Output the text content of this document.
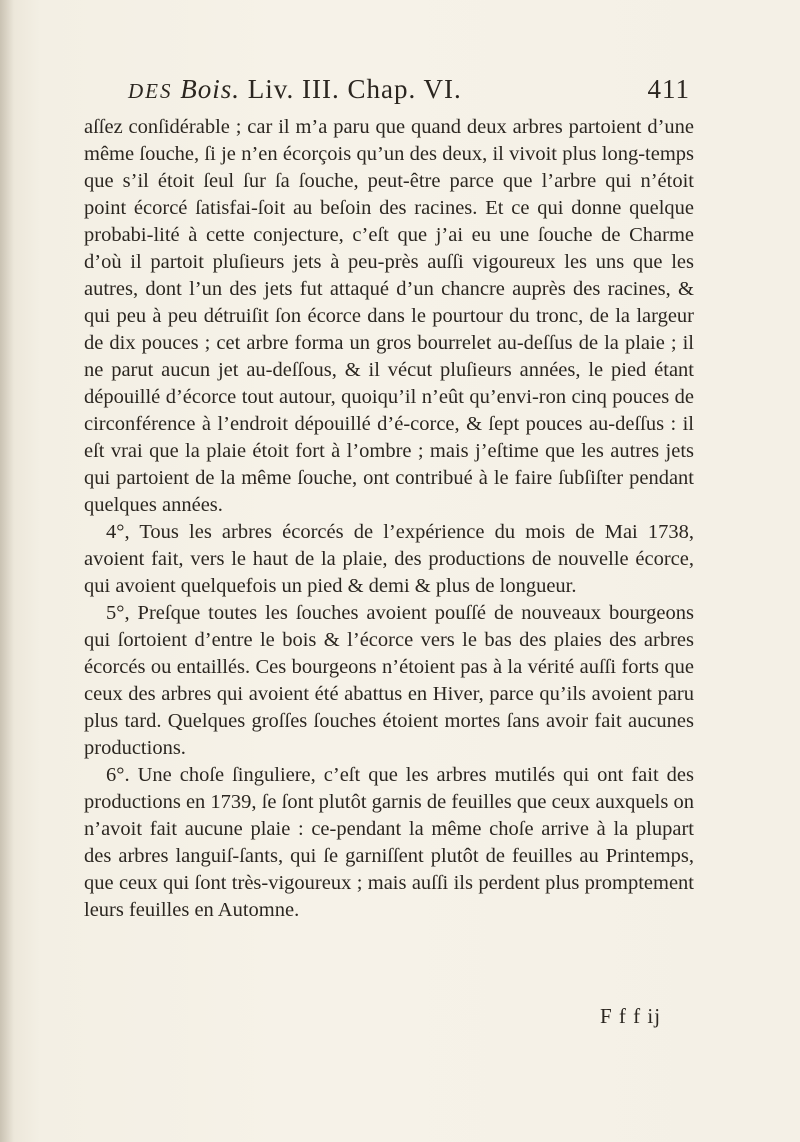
DES Bois. Liv. III. Chap. VI.	411

aſſez conſidérable ; car il m’a paru que quand deux arbres partoient d’une même ſouche, ſi je n’en écorçois qu’un des deux, il vivoit plus long-temps que s’il étoit ſeul ſur ſa ſouche, peut-être parce que l’arbre qui n’étoit point écorcé ſatisfai-ſoit au beſoin des racines. Et ce qui donne quelque probabi-lité à cette conjecture, c’eſt que j’ai eu une ſouche de Charme d’où il partoit pluſieurs jets à peu-près auſſi vigoureux les uns que les autres, dont l’un des jets fut attaqué d’un chancre auprès des racines, & qui peu à peu détruiſit ſon écorce dans le pourtour du tronc, de la largeur de dix pouces ; cet arbre forma un gros bourrelet au-deſſus de la plaie ; il ne parut aucun jet au-deſſous, & il vécut pluſieurs années, le pied étant dépouillé d’écorce tout autour, quoiqu’il n’eût qu’envi-ron cinq pouces de circonférence à l’endroit dépouillé d’é-corce, & ſept pouces au-deſſus : il eſt vrai que la plaie étoit fort à l’ombre ; mais j’eſtime que les autres jets qui partoient de la même ſouche, ont contribué à le faire ſubſiſter pendant quelques années.

4°, Tous les arbres écorcés de l’expérience du mois de Mai 1738, avoient fait, vers le haut de la plaie, des productions de nouvelle écorce, qui avoient quelquefois un pied & demi & plus de longueur.

5°, Preſque toutes les ſouches avoient pouſſé de nouveaux bourgeons qui ſortoient d’entre le bois & l’écorce vers le bas des plaies des arbres écorcés ou entaillés. Ces bourgeons n’étoient pas à la vérité auſſi forts que ceux des arbres qui avoient été abattus en Hiver, parce qu’ils avoient paru plus tard. Quelques groſſes ſouches étoient mortes ſans avoir fait aucunes productions.

6°. Une choſe ſinguliere, c’eſt que les arbres mutilés qui ont fait des productions en 1739, ſe ſont plutôt garnis de feuilles que ceux auxquels on n’avoit fait aucune plaie : ce-pendant la même choſe arrive à la plupart des arbres languiſ-ſants, qui ſe garniſſent plutôt de feuilles au Printemps, que ceux qui ſont très-vigoureux ; mais auſſi ils perdent plus promptement leurs feuilles en Automne.

F f f ij
